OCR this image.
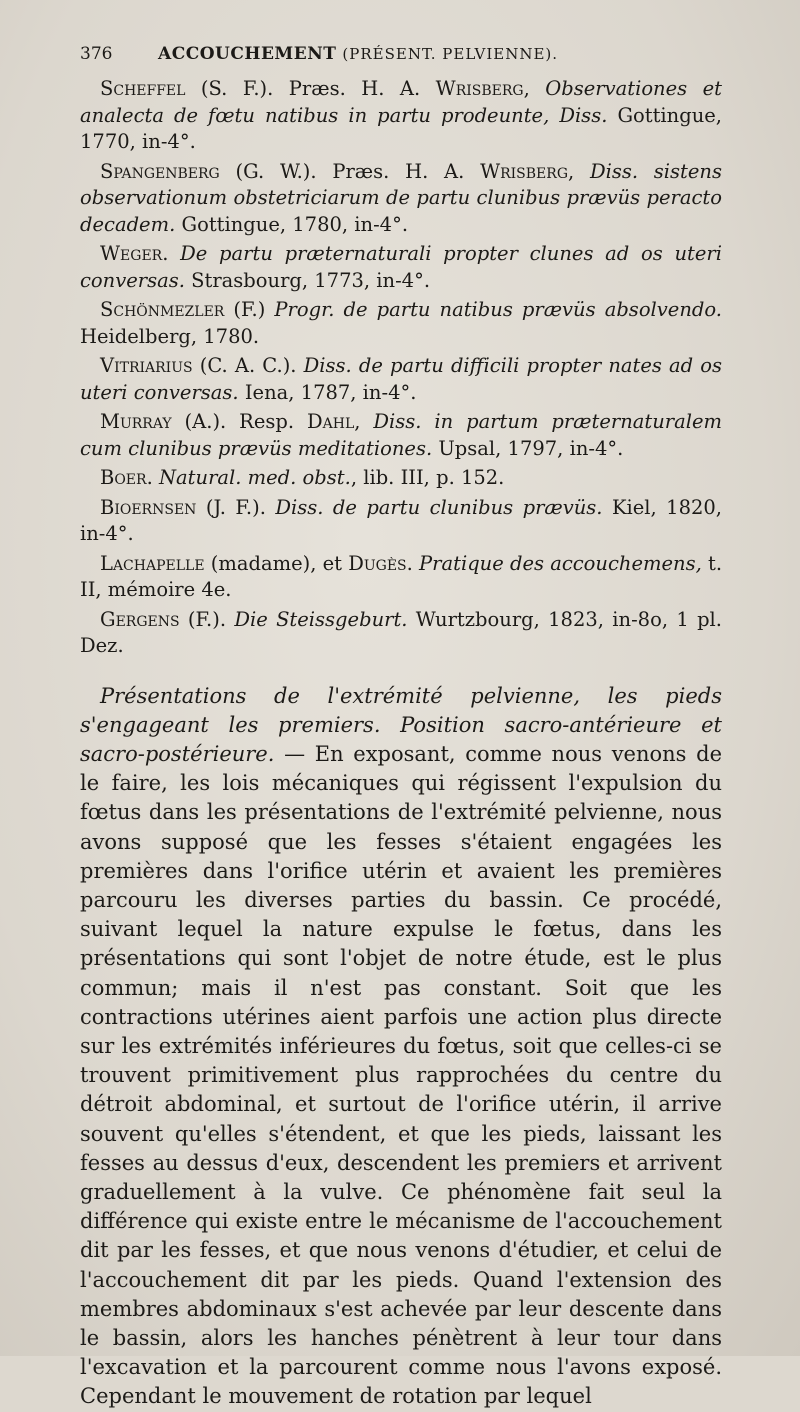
376	ACCOUCHEMENT (PRÉSENT. PELVIENNE).
Scheffel (S. F.). Præs. H. A. Wrisberg, Observationes et analecta de fœtu natibus in partu prodeunte, Diss. Gottingue, 1770, in-4°.
Spangenberg (G. W.). Præs. H. A. Wrisberg, Diss. sistens observationum obstetriciarum de partu clunibus prævüs peracto decadem. Gottingue, 1780, in-4°.
Weger. De partu præternaturali propter clunes ad os uteri conversas. Strasbourg, 1773, in-4°.
Schönmezler (F.) Progr. de partu natibus prævüs absolvendo. Heidelberg, 1780.
Vitriarius (C. A. C.). Diss. de partu difficili propter nates ad os uteri conversas. Iena, 1787, in-4°.
Murray (A.). Resp. Dahl, Diss. in partum præternaturalem cum clunibus prævüs meditationes. Upsal, 1797, in-4°.
Boer. Natural. med. obst., lib. III, p. 152.
Bioernsen (J. F.). Diss. de partu clunibus prævüs. Kiel, 1820, in-4°.
Lachapelle (madame), et Dugès. Pratique des accouchemens, t. II, mémoire 4e.
Gergens (F.). Die Steissgeburt. Wurtzbourg, 1823, in-8o, 1 pl. Dez.

Présentations de l'extrémité pelvienne, les pieds s'engageant les premiers. Position sacro-antérieure et sacro-postérieure. — En exposant, comme nous venons de le faire, les lois mécaniques qui régissent l'expulsion du fœtus dans les présentations de l'extrémité pelvienne, nous avons supposé que les fesses s'étaient engagées les premières dans l'orifice utérin et avaient les premières parcouru les diverses parties du bassin. Ce procédé, suivant lequel la nature expulse le fœtus, dans les présentations qui sont l'objet de notre étude, est le plus commun; mais il n'est pas constant. Soit que les contractions utérines aient parfois une action plus directe sur les extrémités inférieures du fœtus, soit que celles-ci se trouvent primitivement plus rapprochées du centre du détroit abdominal, et surtout de l'orifice utérin, il arrive souvent qu'elles s'étendent, et que les pieds, laissant les fesses au dessus d'eux, descendent les premiers et arrivent graduellement à la vulve. Ce phénomène fait seul la différence qui existe entre le mécanisme de l'accouchement dit par les fesses, et que nous venons d'étudier, et celui de l'accouchement dit par les pieds. Quand l'extension des membres abdominaux s'est achevée par leur descente dans le bassin, alors les hanches pénètrent à leur tour dans l'excavation et la parcourent comme nous l'avons exposé. Cependant le mouvement de rotation par lequel
